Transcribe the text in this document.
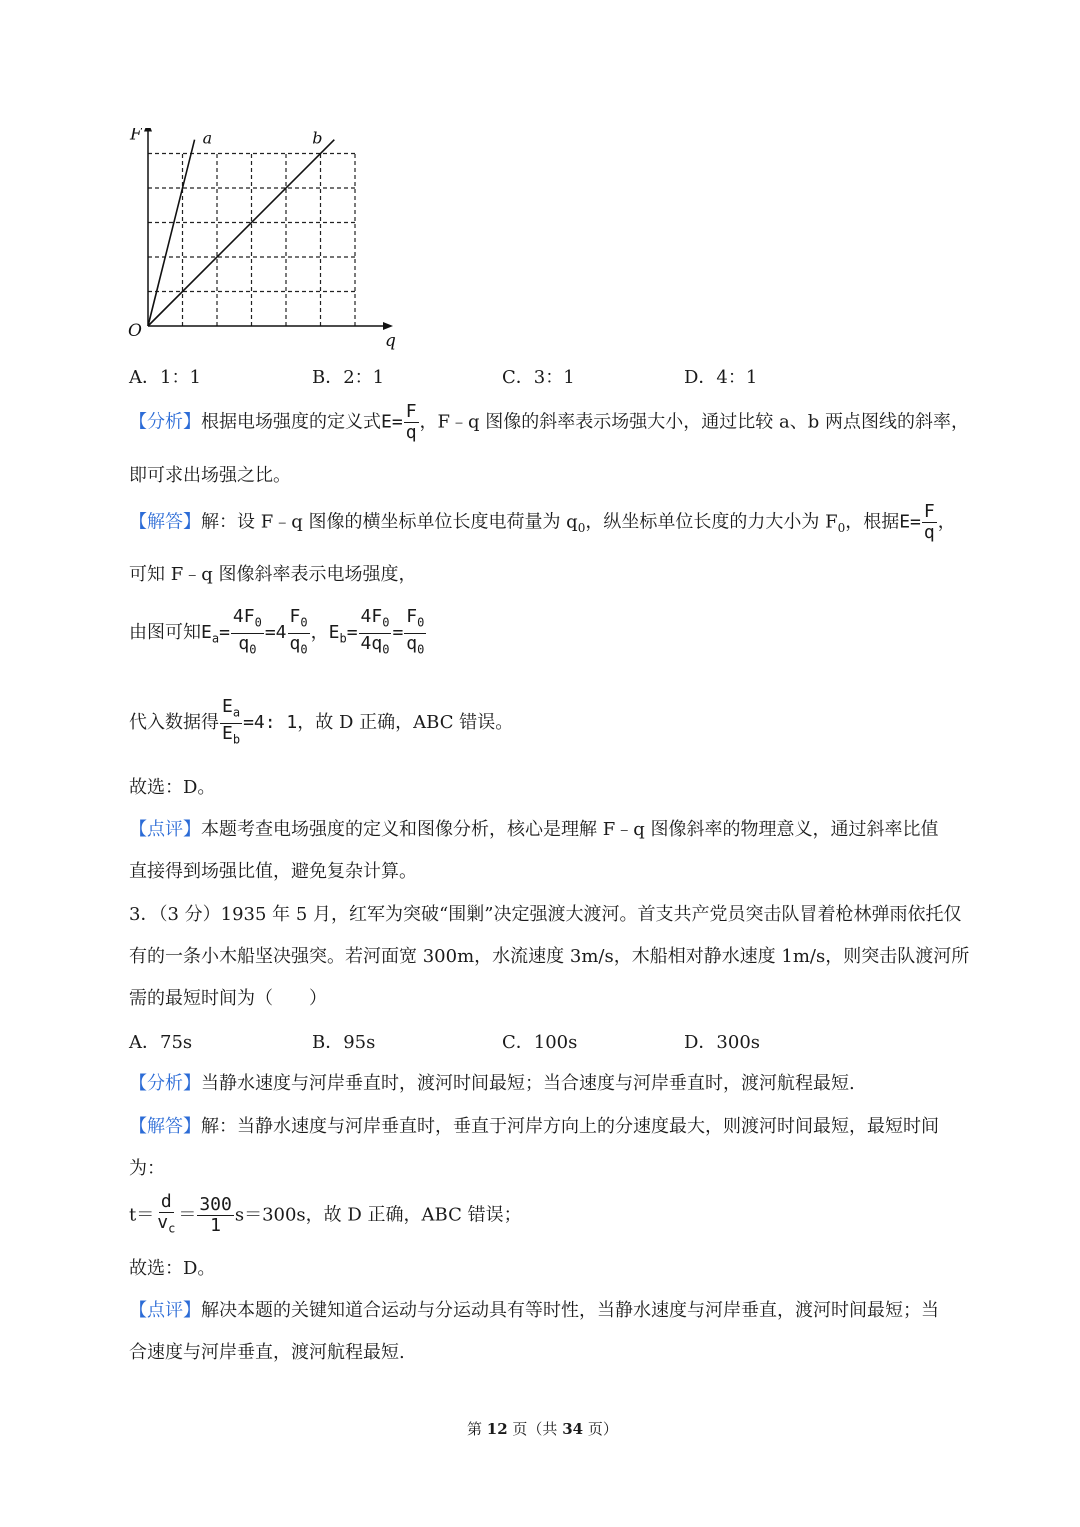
F
q
O
a	b
A．1：1	B．2：1	C．3：1	D．4：1
【分析】根据电场强度的定义式$E= \frac{F}{q}$ ，F﹣q 图像的斜率表示场强大小，通过比较 a、b 两点图线的斜率，
即可求出场强之比。
【解答】解：设 F﹣q 图像的横坐标单位长度电荷量为 $q_0$，纵坐标单位长度的力大小为 $F_0$，根据$E= \frac{F}{q}$ ，
可知 F﹣q 图像斜率表示电场强度，
由图可知$E_a= \frac{4F_0}{q_0} =4 \frac{F_0}{q_0}$ ，$E_b= \frac{4F_0}{4q_0} = \frac{F_0}{q_0}$
代入数据得 $\frac{E_a}{E_b} =4$: 1，故 D 正确，ABC 错误。
故选：D。
【点评】本题考查电场强度的定义和图像分析，核心是理解 F﹣q 图像斜率的物理意义，通过斜率比值
直接得到场强比值，避免复杂计算。
3．（3 分）1935 年 5 月，红军为突破“围剿”决定强渡大渡河。首支共产党员突击队冒着枪林弹雨依托仅
有的一条小木船坚决强突。若河面宽 300m，水流速度 3m/s，木船相对静水速度 1m/s，则突击队渡河所
需的最短时间为（　　）
A．75s	B．95s	C．100s	D．300s
【分析】当静水速度与河岸垂直时，渡河时间最短；当合速度与河岸垂直时，渡河航程最短.
【解答】解：当静水速度与河岸垂直时，垂直于河岸方向上的分速度最大，则渡河时间最短，最短时间
为：
$t= \frac{d}{v_c} = \frac{300}{1} s=300s$，故 D 正确，ABC 错误；
故选：D。
【点评】解决本题的关键知道合运动与分运动具有等时性，当静水速度与河岸垂直，渡河时间最短；当
合速度与河岸垂直，渡河航程最短.
第 12 页（共 34 页）
